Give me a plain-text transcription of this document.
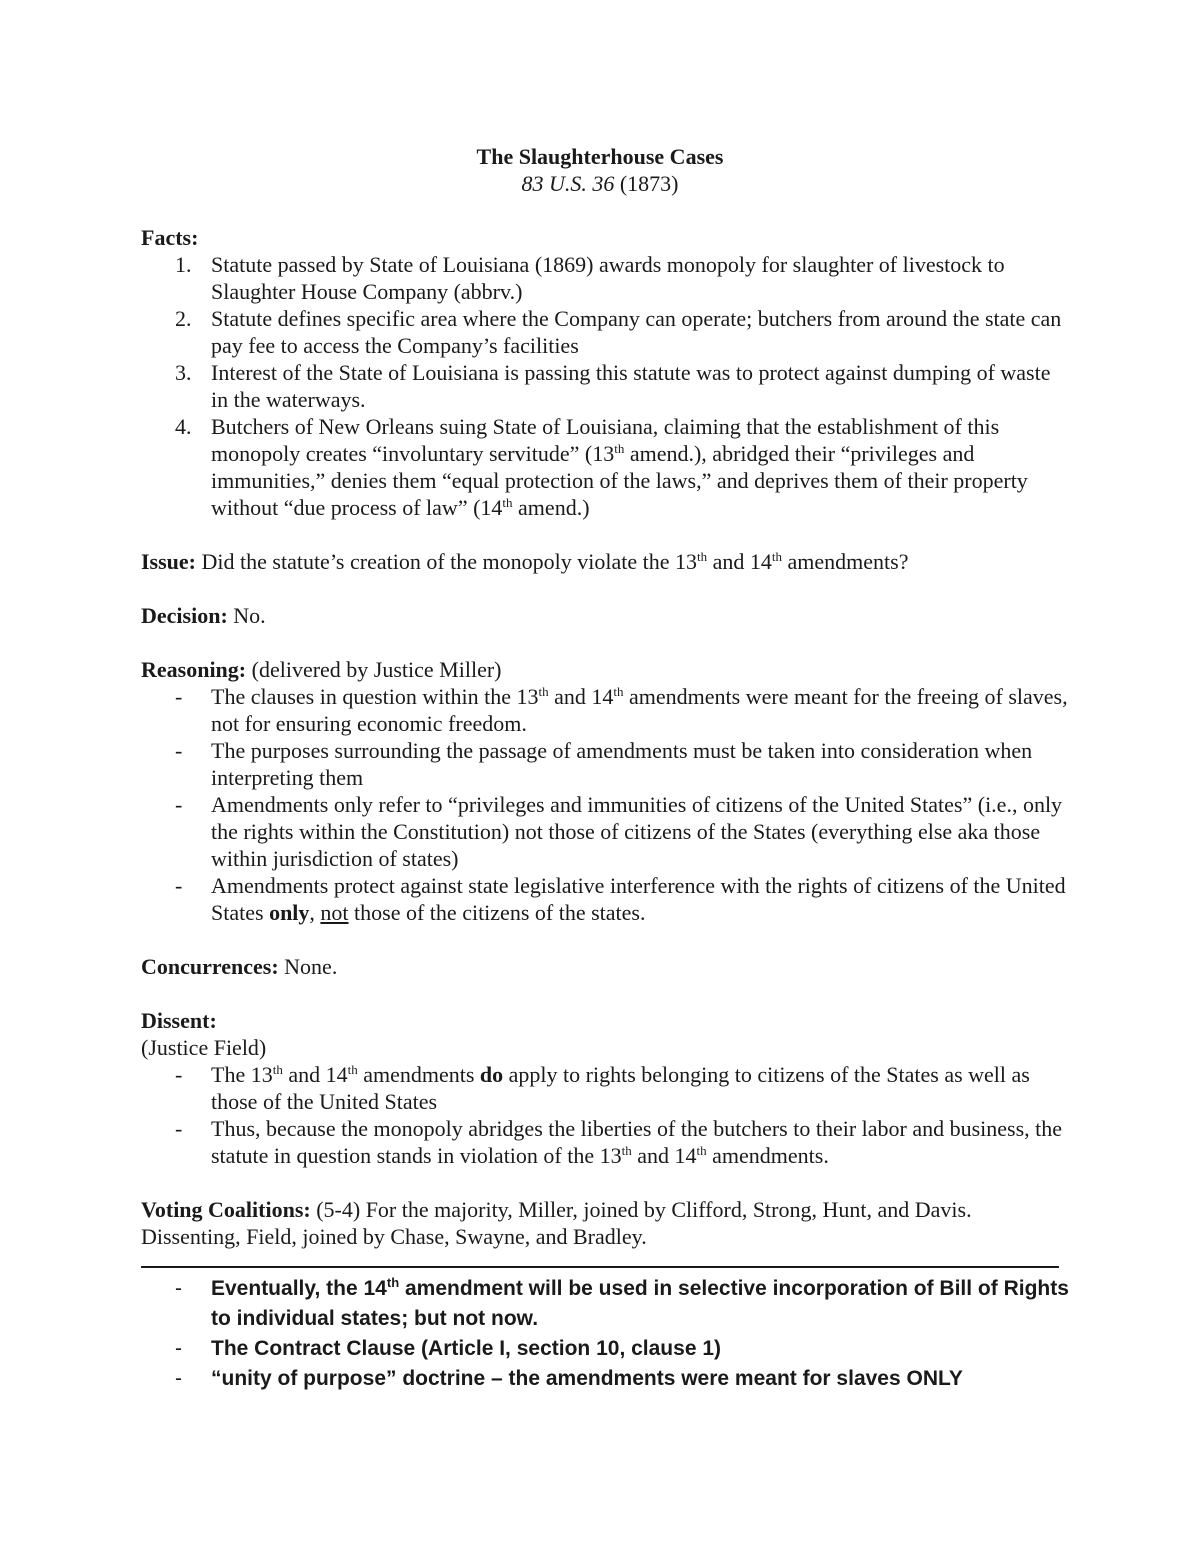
The Slaughterhouse Cases
83 U.S. 36 (1873)
Facts:
1. Statute passed by State of Louisiana (1869) awards monopoly for slaughter of livestock to Slaughter House Company (abbrv.)
2. Statute defines specific area where the Company can operate; butchers from around the state can pay fee to access the Company’s facilities
3. Interest of the State of Louisiana is passing this statute was to protect against dumping of waste in the waterways.
4. Butchers of New Orleans suing State of Louisiana, claiming that the establishment of this monopoly creates “involuntary servitude” (13th amend.), abridged their “privileges and immunities,” denies them “equal protection of the laws,” and deprives them of their property without “due process of law” (14th amend.)
Issue: Did the statute’s creation of the monopoly violate the 13th and 14th amendments?
Decision: No.
Reasoning: (delivered by Justice Miller)
- The clauses in question within the 13th and 14th amendments were meant for the freeing of slaves, not for ensuring economic freedom.
- The purposes surrounding the passage of amendments must be taken into consideration when interpreting them
- Amendments only refer to “privileges and immunities of citizens of the United States” (i.e., only the rights within the Constitution) not those of citizens of the States (everything else aka those within jurisdiction of states)
- Amendments protect against state legislative interference with the rights of citizens of the United States only, not those of the citizens of the states.
Concurrences: None.
Dissent:
(Justice Field)
- The 13th and 14th amendments do apply to rights belonging to citizens of the States as well as those of the United States
- Thus, because the monopoly abridges the liberties of the butchers to their labor and business, the statute in question stands in violation of the 13th and 14th amendments.
Voting Coalitions: (5-4) For the majority, Miller, joined by Clifford, Strong, Hunt, and Davis. Dissenting, Field, joined by Chase, Swayne, and Bradley.
- Eventually, the 14th amendment will be used in selective incorporation of Bill of Rights to individual states; but not now.
- The Contract Clause (Article I, section 10, clause 1)
- “unity of purpose” doctrine – the amendments were meant for slaves ONLY
